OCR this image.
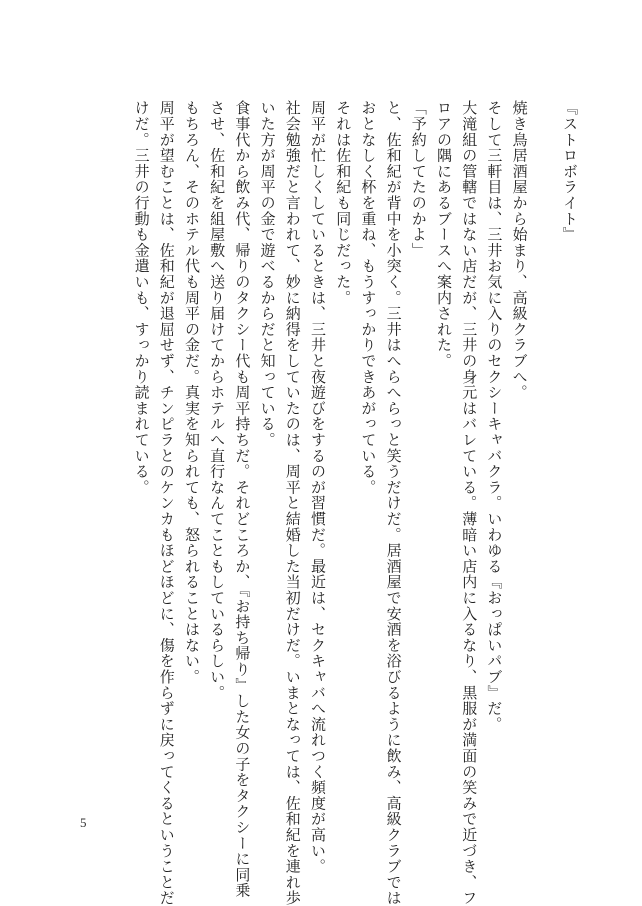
『ストロボライト』
焼き鳥居酒屋から始まり、高級クラブへ。
そして三軒目は、三井お気に入りのセクシーキャバクラ。いわゆる『おっぱいパブ』だ。
大滝組の管轄ではない店だが、三井の身元はバレている。薄暗い店内に入るなり、黒服が満面の笑みで近づき、フ
ロアの隅にあるブースへ案内された。
「予約してたのかよ」
と、佐和紀が背中を小突く。三井はへらへらっと笑うだけだ。居酒屋で安酒を浴びるように飲み、高級クラブでは
おとなしく杯を重ね、もうすっかりできあがっている。
それは佐和紀も同じだった。
周平が忙しくしているときは、三井と夜遊びをするのが習慣だ。最近は、セクキャバへ流れつく頻度が高い。
社会勉強だと言われて、妙に納得をしていたのは、周平と結婚した当初だけだ。いまとなっては、佐和紀を連れ歩
いた方が周平の金で遊べるからだと知っている。
食事代から飲み代、帰りのタクシー代も周平持ちだ。それどころか、『お持ち帰り』した女の子をタクシーに同乗
させ、佐和紀を組屋敷へ送り届けてからホテルへ直行なんてこともしているらしい。
もちろん、そのホテル代も周平の金だ。真実を知られても、怒られることはない。
周平が望むことは、佐和紀が退屈せず、チンピラとのケンカもほどほどに、傷を作らずに戻ってくるということだ
けだ。三井の行動も金遣いも、すっかり読まれている。
5
